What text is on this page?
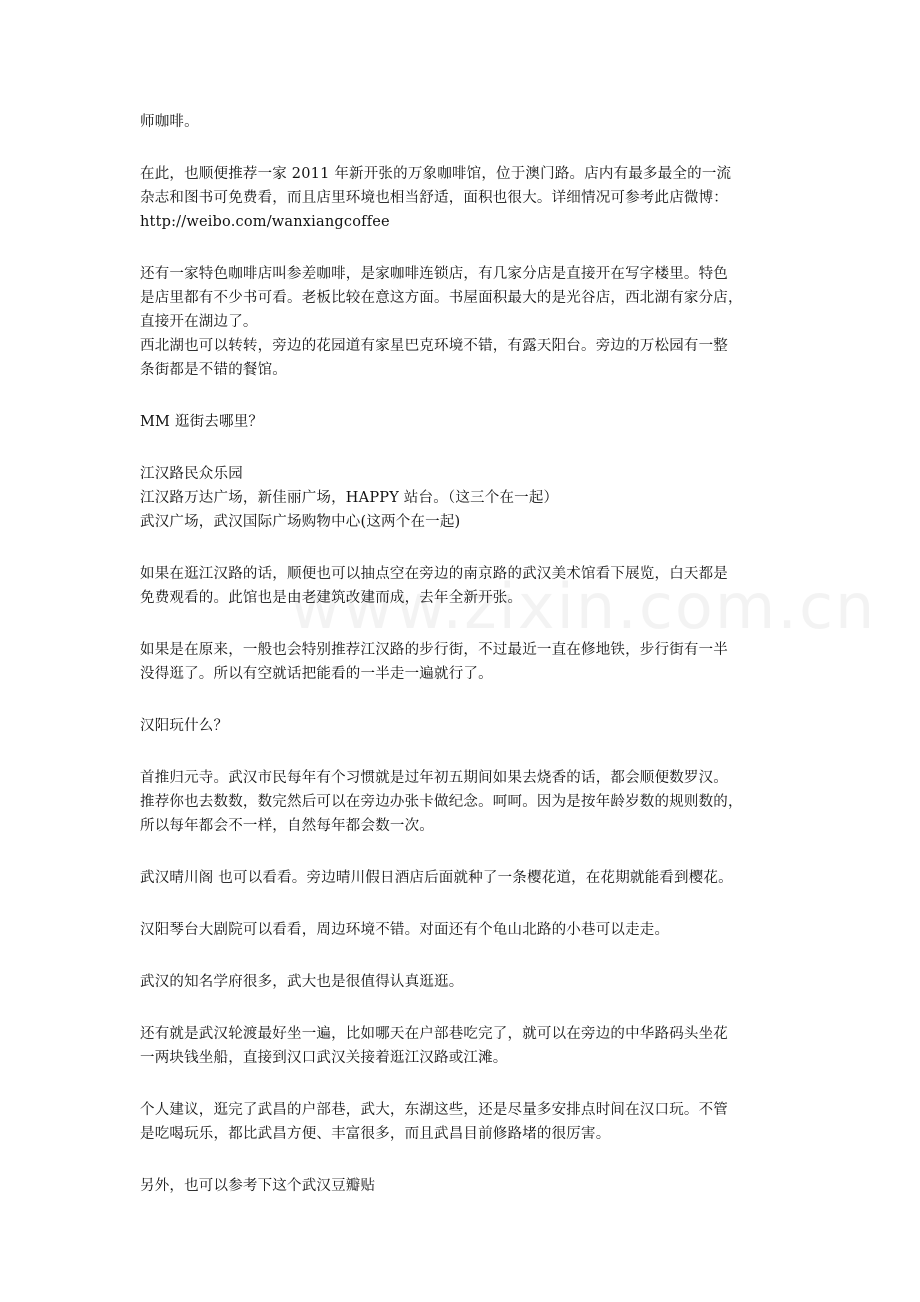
师咖啡。

在此，也顺便推荐一家 2011 年新开张的万象咖啡馆，位于澳门路。店内有最多最全的一流
杂志和图书可免费看，而且店里环境也相当舒适，面积也很大。详细情况可参考此店微博：
http://weibo.com/wanxiangcoffee

还有一家特色咖啡店叫参差咖啡，是家咖啡连锁店，有几家分店是直接开在写字楼里。特色
是店里都有不少书可看。老板比较在意这方面。书屋面积最大的是光谷店，西北湖有家分店，
直接开在湖边了。
西北湖也可以转转，旁边的花园道有家星巴克环境不错，有露天阳台。旁边的万松园有一整
条街都是不错的餐馆。

MM 逛街去哪里？

江汉路民众乐园
江汉路万达广场，新佳丽广场，HAPPY 站台。（这三个在一起）
武汉广场，武汉国际广场购物中心(这两个在一起)

如果在逛江汉路的话，顺便也可以抽点空在旁边的南京路的武汉美术馆看下展览，白天都是
免费观看的。此馆也是由老建筑改建而成，去年全新开张。

如果是在原来，一般也会特别推荐江汉路的步行街，不过最近一直在修地铁，步行街有一半
没得逛了。所以有空就话把能看的一半走一遍就行了。

汉阳玩什么？

首推归元寺。武汉市民每年有个习惯就是过年初五期间如果去烧香的话，都会顺便数罗汉。
推荐你也去数数，数完然后可以在旁边办张卡做纪念。呵呵。因为是按年龄岁数的规则数的，
所以每年都会不一样，自然每年都会数一次。

武汉晴川阁 也可以看看。旁边晴川假日酒店后面就种了一条樱花道，在花期就能看到樱花。

汉阳琴台大剧院可以看看，周边环境不错。对面还有个龟山北路的小巷可以走走。

武汉的知名学府很多，武大也是很值得认真逛逛。

还有就是武汉轮渡最好坐一遍，比如哪天在户部巷吃完了，就可以在旁边的中华路码头坐花
一两块钱坐船，直接到汉口武汉关接着逛江汉路或江滩。

个人建议，逛完了武昌的户部巷，武大，东湖这些，还是尽量多安排点时间在汉口玩。不管
是吃喝玩乐，都比武昌方便、丰富很多，而且武昌目前修路堵的很厉害。

另外，也可以参考下这个武汉豆瓣贴
